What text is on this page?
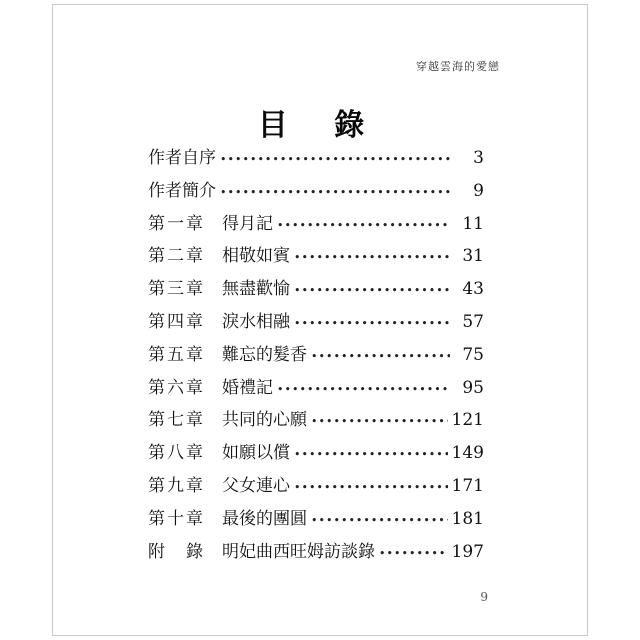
穿越雲海的愛戀
目 錄
作者自序 •••••	3
作者簡介 •••••	9
第一章	得月記 •••••	11
第二章	相敬如賓 •••••	31
第三章	無盡歡愉 •••••	43
第四章	淚水相融 •••••	57
第五章	難忘的髮香 •••••	75
第六章	婚禮記 •••••	95
第七章	共同的心願 •••••	121
第八章	如願以償 •••••	149
第九章	父女連心 •••••	171
第十章	最後的團圓 •••••	181
附　錄	明妃曲西旺姆訪談錄 •••••	197
9
